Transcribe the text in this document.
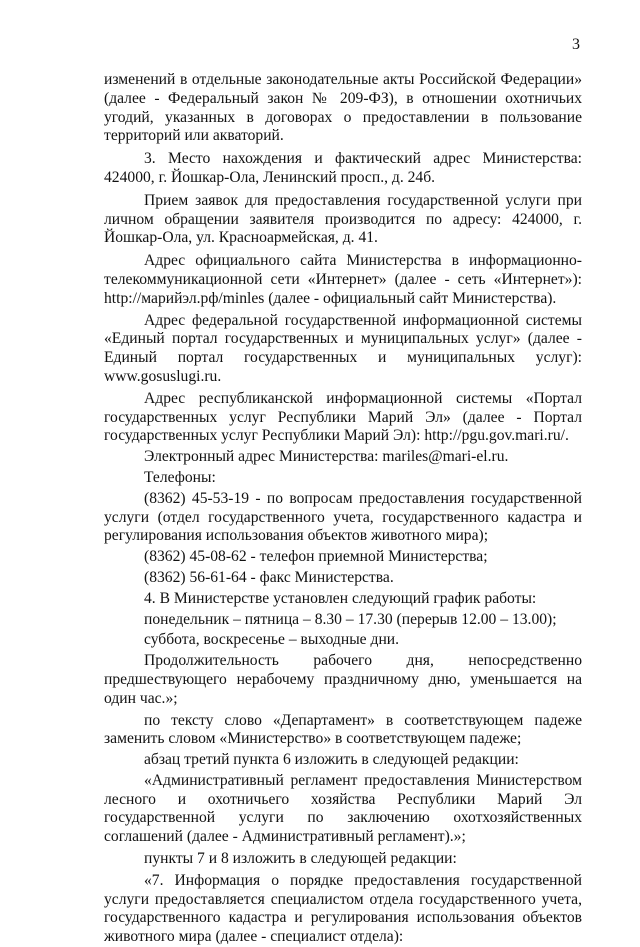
3

изменений в отдельные законодательные акты Российской Федерации» (далее - Федеральный закон № 209-ФЗ), в отношении охотничьих угодий, указанных в договорах о предоставлении в пользование территорий или акваторий.

3. Место нахождения и фактический адрес Министерства: 424000, г. Йошкар-Ола, Ленинский просп., д. 24б.

Прием заявок для предоставления государственной услуги при личном обращении заявителя производится по адресу: 424000, г. Йошкар-Ола, ул. Красноармейская, д. 41.

Адрес официального сайта Министерства в информационно-телекоммуникационной сети «Интернет» (далее - сеть «Интернет»): http://марийэл.рф/minles (далее - официальный сайт Министерства).

Адрес федеральной государственной информационной системы «Единый портал государственных и муниципальных услуг» (далее - Единый портал государственных и муниципальных услуг): www.gosuslugi.ru.

Адрес республиканской информационной системы «Портал государственных услуг Республики Марий Эл» (далее - Портал государственных услуг Республики Марий Эл): http://pgu.gov.mari.ru/.

Электронный адрес Министерства: mariles@mari-el.ru.

Телефоны:

(8362) 45-53-19 - по вопросам предоставления государственной услуги (отдел государственного учета, государственного кадастра и регулирования использования объектов животного мира);

(8362) 45-08-62 - телефон приемной Министерства;

(8362) 56-61-64 - факс Министерства.

4. В Министерстве установлен следующий график работы:

понедельник – пятница – 8.30 – 17.30 (перерыв 12.00 – 13.00);

суббота, воскресенье – выходные дни.

Продолжительность рабочего дня, непосредственно предшествующего нерабочему праздничному дню, уменьшается на один час.»;

по тексту слово «Департамент» в соответствующем падеже заменить словом «Министерство» в соответствующем падеже;

абзац третий пункта 6 изложить в следующей редакции:

«Административный регламент предоставления Министерством лесного и охотничьего хозяйства Республики Марий Эл государственной услуги по заключению охотхозяйственных соглашений (далее - Административный регламент).»;

пункты 7 и 8 изложить в следующей редакции:

«7. Информация о порядке предоставления государственной услуги предоставляется специалистом отдела государственного учета, государственного кадастра и регулирования использования объектов животного мира (далее - специалист отдела):
